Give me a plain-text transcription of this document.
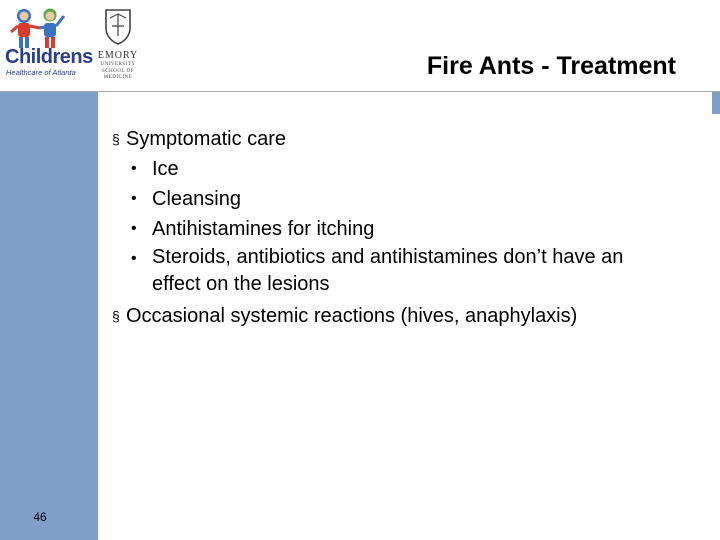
Childrens
Healthcare of Atlanta
EMORY
UNIVERSITY
SCHOOL OF
MEDICINE	Fire Ants - Treatment
46
§ Symptomatic care
• Ice
• Cleansing
• Antihistamines for itching
• Steroids, antibiotics and antihistamines don’t have an effect on the lesions
§ Occasional systemic reactions (hives, anaphylaxis)
